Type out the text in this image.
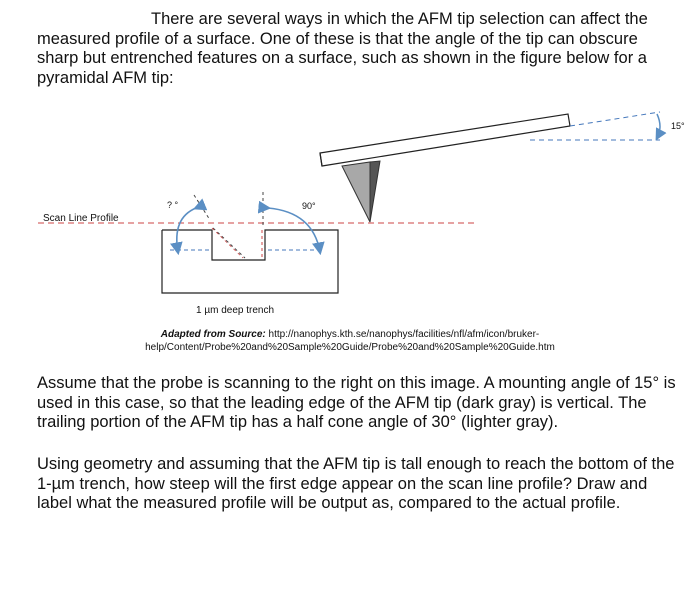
There are several ways in which the AFM tip selection can affect the measured profile of a surface. One of these is that the angle of the tip can obscure sharp but entrenched features on a surface, such as shown in the figure below for a pyramidal AFM tip:

Scan Line Profile
1 µm deep trench
? °	90°
15°
Adapted from Source: http://nanophys.kth.se/nanophys/facilities/nfl/afm/icon/bruker-help/Content/Probe%20and%20Sample%20Guide/Probe%20and%20Sample%20Guide.htm

Assume that the probe is scanning to the right on this image. A mounting angle of 15° is used in this case, so that the leading edge of the AFM tip (dark gray) is vertical. The trailing portion of the AFM tip has a half cone angle of 30° (lighter gray).

Using geometry and assuming that the AFM tip is tall enough to reach the bottom of the 1-µm trench, how steep will the first edge appear on the scan line profile? Draw and label what the measured profile will be output as, compared to the actual profile.
